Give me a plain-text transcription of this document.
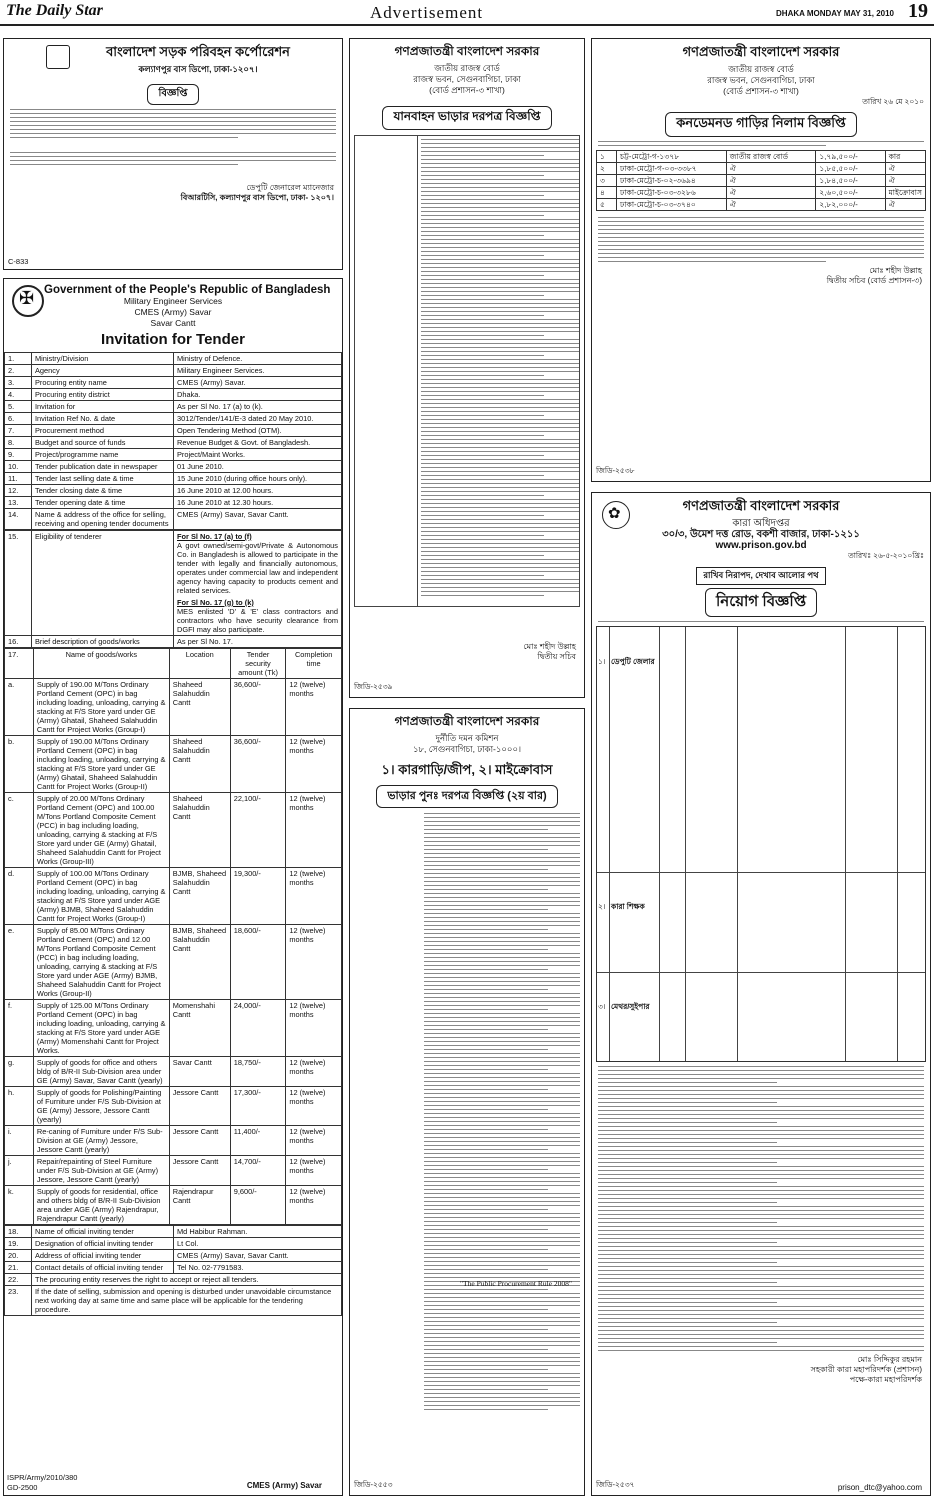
The Daily Star	Advertisement	DHAKA MONDAY MAY 31, 2010 19
বাংলাদেশ সড়ক পরিবহন কর্পোরেশন
কল্যাণপুর বাস ডিপো, ঢাকা-১২০৭।
বিজ্ঞপ্তি
ডেপুটি জেনারেল ম্যানেজার
বিআরটিসি, কল্যাণপুর বাস ডিপো, ঢাকা- ১২০৭।
C-833
✠
Government of the People's Republic of Bangladesh
Military Engineer Services
CMES (Army) Savar
Savar Cantt
Invitation for Tender
1.	Ministry/Division	Ministry of Defence.
2.	Agency	Military Engineer Services.
3.	Procuring entity name	CMES (Army) Savar.
4.	Procuring entity district	Dhaka.
5.	Invitation for	As per Sl No. 17 (a) to (k).
6.	Invitation Ref No. & date	3012/Tender/141/E-3 dated 20 May 2010.
7.	Procurement method	Open Tendering Method (OTM).
8.	Budget and source of funds	Revenue Budget & Govt. of Bangladesh.
9.	Project/programme name	Project/Maint Works.
10.	Tender publication date in newspaper	01 June 2010.
11.	Tender last selling date & time	15 June 2010 (during office hours only).
12.	Tender closing date & time	16 June 2010 at 12.00 hours.
13.	Tender opening date & time	16 June 2010 at 12.30 hours.
14.	Name & address of the office for selling, receiving and opening tender documents	CMES (Army) Savar, Savar Cantt.
15.	Eligibility of tenderer	For Sl No. 17 (a) to (f)
A govt owned/semi-govt/Private & Autonomous Co. in Bangladesh is allowed to participate in the tender with legally and financially autonomous, operates under commercial law and independent agency having capacity to products cement and related services.
For Sl No. 17 (g) to (k)
MES enlisted 'D' & 'E' class contractors and contractors who have security clearance from DGFI may also participate.

16.	Brief description of goods/works	As per Sl No. 17.
17.	Name of goods/works	Location	Tender security amount (Tk)	Completion time
a.	Supply of 190.00 M/Tons Ordinary Portland Cement (OPC) in bag including loading, unloading, carrying & stacking at F/S Store yard under GE (Army) Ghatail, Shaheed Salahuddin Cantt for Project Works (Group-I)	Shaheed Salahuddin Cantt	36,600/-	12 (twelve) months
b.	Supply of 190.00 M/Tons Ordinary Portland Cement (OPC) in bag including loading, unloading, carrying & stacking at F/S Store yard under GE (Army) Ghatail, Shaheed Salahuddin Cantt for Project Works (Group-II)	Shaheed Salahuddin Cantt	36,600/-	12 (twelve) months
c.	Supply of 20.00 M/Tons Ordinary Portland Cement (OPC) and 100.00 M/Tons Portland Composite Cement (PCC) in bag including loading, unloading, carrying & stacking at F/S Store yard under GE (Army) Ghatail, Shaheed Salahuddin Cantt for Project Works (Group-III)	Shaheed Salahuddin Cantt	22,100/-	12 (twelve) months
d.	Supply of 100.00 M/Tons Ordinary Portland Cement (OPC) in bag including loading, unloading, carrying & stacking at F/S Store yard under AGE (Army) BJMB, Shaheed Salahuddin Cantt for Project Works (Group-I)	BJMB, Shaheed Salahuddin Cantt	19,300/-	12 (twelve) months
e.	Supply of 85.00 M/Tons Ordinary Portland Cement (OPC) and 12.00 M/Tons Portland Composite Cement (PCC) in bag including loading, unloading, carrying & stacking at F/S Store yard under AGE (Army) BJMB, Shaheed Salahuddin Cantt for Project Works (Group-II)	BJMB, Shaheed Salahuddin Cantt	18,600/-	12 (twelve) months
f.	Supply of 125.00 M/Tons Ordinary Portland Cement (OPC) in bag including loading, unloading, carrying & stacking at F/S Store yard under AGE (Army) Momenshahi Cantt for Project Works.	Momenshahi Cantt	24,000/-	12 (twelve) months
g.	Supply of goods for office and others bldg of B/R-II Sub-Division area under GE (Army) Savar, Savar Cantt (yearly)	Savar Cantt	18,750/-	12 (twelve) months
h.	Supply of goods for Polishing/Painting of Furniture under F/S Sub-Division at GE (Army) Jessore, Jessore Cantt (yearly)	Jessore Cantt	17,300/-	12 (twelve) months
i.	Re-caning of Furniture under F/S Sub-Division at GE (Army) Jessore, Jessore Cantt (yearly)	Jessore Cantt	11,400/-	12 (twelve) months
j.	Repair/repainting of Steel Furniture under F/S Sub-Division at GE (Army) Jessore, Jessore Cantt (yearly)	Jessore Cantt	14,700/-	12 (twelve) months
k.	Supply of goods for residential, office and others bldg of B/R-II Sub-Division area under AGE (Army) Rajendrapur, Rajendrapur Cantt (yearly)	Rajendrapur Cantt	9,600/-	12 (twelve) months
18.	Name of official inviting tender	Md Habibur Rahman.
19.	Designation of official inviting tender	Lt Col.
20.	Address of official inviting tender	CMES (Army) Savar, Savar Cantt.
21.	Contact details of official inviting tender	Tel No. 02-7791583.
22.	The procuring entity reserves the right to accept or reject all tenders.	
23.	If the date of selling, submission and opening is disturbed under unavoidable circumstance next working day at same time and same place will be applicable for the tendering procedure.	
ISPR/Army/2010/380
GD-2500	CMES (Army) Savar
গণপ্রজাতন্ত্রী বাংলাদেশ সরকার
জাতীয় রাজস্ব বোর্ড
রাজস্ব ভবন, সেগুনবাগিচা, ঢাকা
(বোর্ড প্রশাসন-৩ শাখা)
যানবাহন ভাড়ার দরপত্র বিজ্ঞপ্তি
মোঃ শহীদ উল্লাহ
দ্বিতীয় সচিব
জিডি-২৫৩৯
গণপ্রজাতন্ত্রী বাংলাদেশ সরকার
দুর্নীতি দমন কমিশন
১৮, সেগুনবাগিচা, ঢাকা-১০০০।
১। কারগাড়ি/জীপ, ২। মাইক্রোবাস
ভাড়ার পুনঃ দরপত্র বিজ্ঞপ্তি (২য় বার)
"The Public Procurement Rule 2008"
জিডি-২৫৫৩
গণপ্রজাতন্ত্রী বাংলাদেশ সরকার
জাতীয় রাজস্ব বোর্ড
রাজস্ব ভবন, সেগুনবাগিচা, ঢাকা
(বোর্ড প্রশাসন-৩ শাখা)
তারিখ ২৬ মে ২০১০
কনডেমনড গাড়ির নিলাম বিজ্ঞপ্তি
১	চট্ট-মেট্রো-গ-১৩৭৮	জাতীয় রাজস্ব বোর্ড	১,৭৯,৫০০/-	কার
২	ঢাকা-মেট্রো-গ-০৩-৩৩৮৭	ঐ	১,৮৫,৫০০/-	ঐ
৩	ঢাকা-মেট্রো-চ-০২-৩৬৯৪	ঐ	১,৮৪,৫০০/-	ঐ
৪	ঢাকা-মেট্রো-চ-০৩-৩২৮৬	ঐ	২,৬০,৫০০/-	মাইক্রোবাস
৫	ঢাকা-মেট্রো-চ-০৩-৩৭৪০	ঐ	২,৮২,০০০/-	ঐ
মোঃ শহীদ উল্লাহ
দ্বিতীয় সচিব (বোর্ড প্রশাসন-৩)
জিডি-২৫৩৮
✿
গণপ্রজাতন্ত্রী বাংলাদেশ সরকার
কারা অধিদপ্তর
৩০/৩, উমেশ দত্ত রোড, বকশী বাজার, ঢাকা-১২১১
www.prison.gov.bd
তারিখঃ ২৬-৫-২০১০খ্রিঃ
রাখিব নিরাপদ, দেখাব আলোর পথ
নিয়োগ বিজ্ঞপ্তি
১। ডেপুটি জেলার
২। কারা শিক্ষক
৩। মেথর/সুইপার
মোঃ সিদ্দিকুর রহমান
সহকারী কারা মহাপরিদর্শক (প্রশাসন)
পক্ষে-কারা মহাপরিদর্শক
prison_dtc@yahoo.com
জিডি-২৫৩৭
